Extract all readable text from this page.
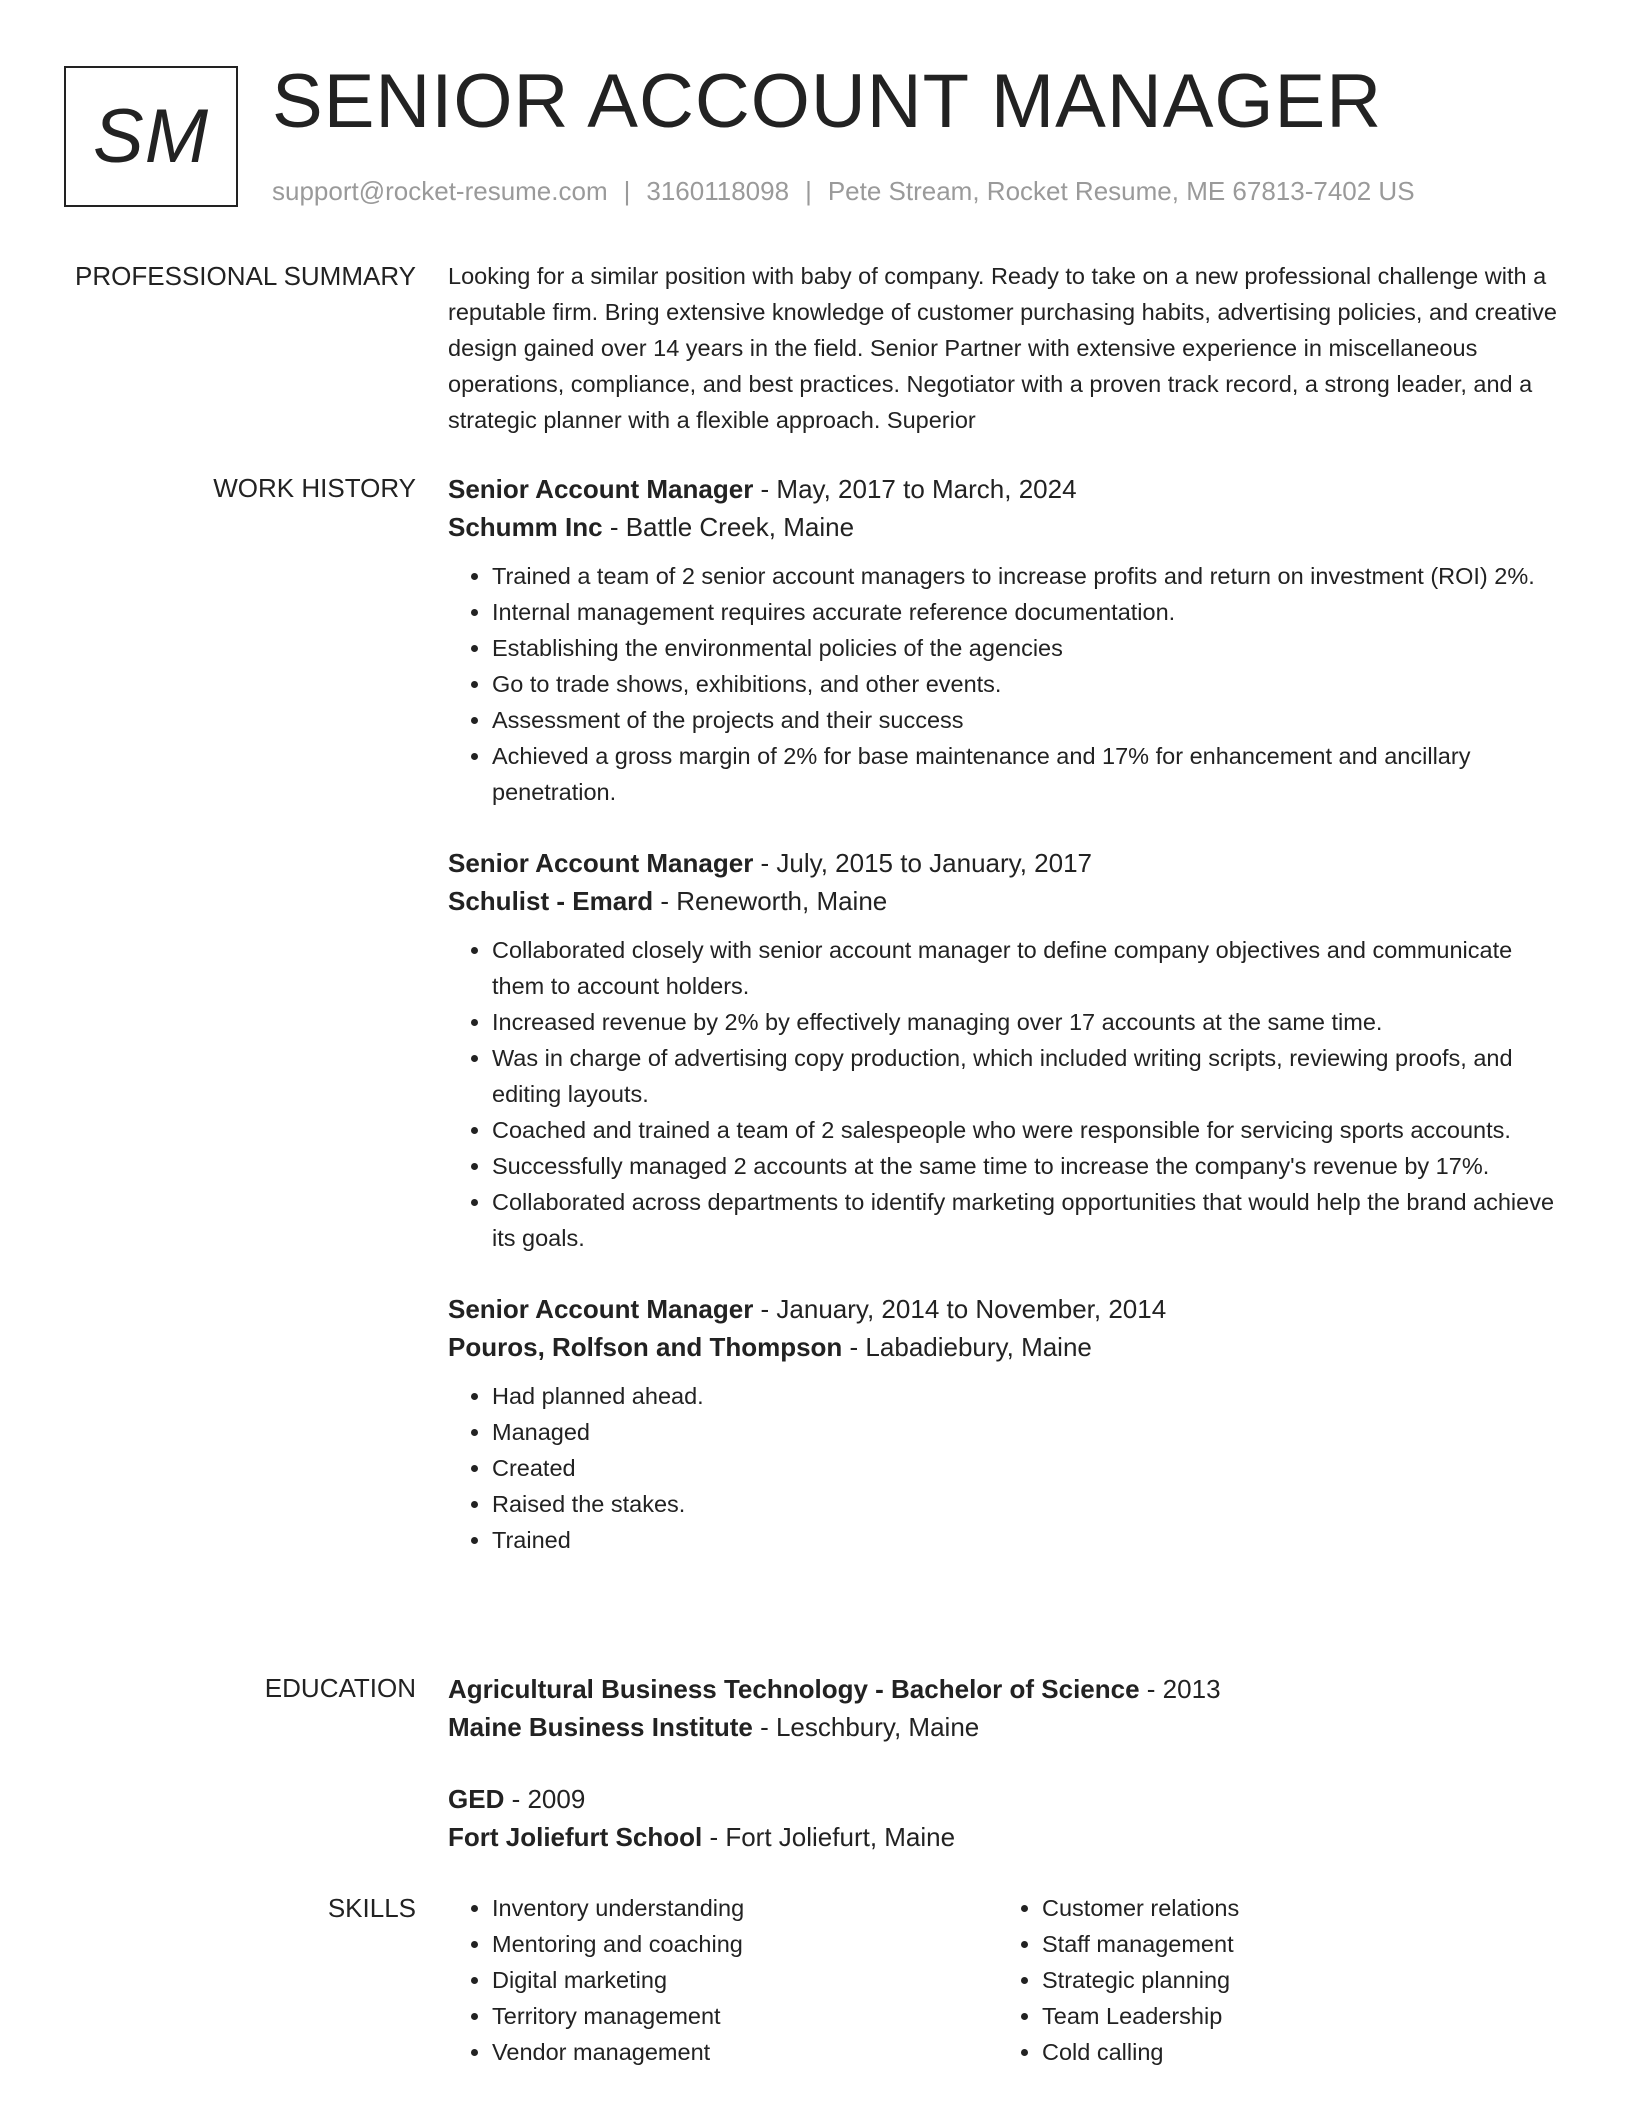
SM SENIOR ACCOUNT MANAGER
support@rocket-resume.com | 3160118098 | Pete Stream, Rocket Resume, ME 67813-7402 US
PROFESSIONAL SUMMARY Looking for a similar position with baby of company. Ready to take on a new professional challenge with a reputable firm. Bring extensive knowledge of customer purchasing habits, advertising policies, and creative design gained over 14 years in the field. Senior Partner with extensive experience in miscellaneous operations, compliance, and best practices. Negotiator with a proven track record, a strong leader, and a strategic planner with a flexible approach. Superior

WORK HISTORY Senior Account Manager - May, 2017 to March, 2024
Schumm Inc - Battle Creek, Maine
• Trained a team of 2 senior account managers to increase profits and return on investment (ROI) 2%.
• Internal management requires accurate reference documentation.
• Establishing the environmental policies of the agencies
• Go to trade shows, exhibitions, and other events.
• Assessment of the projects and their success
• Achieved a gross margin of 2% for base maintenance and 17% for enhancement and ancillary penetration.
Senior Account Manager - July, 2015 to January, 2017
Schulist - Emard - Reneworth, Maine
• Collaborated closely with senior account manager to define company objectives and communicate them to account holders.
• Increased revenue by 2% by effectively managing over 17 accounts at the same time.
• Was in charge of advertising copy production, which included writing scripts, reviewing proofs, and editing layouts.
• Coached and trained a team of 2 salespeople who were responsible for servicing sports accounts.
• Successfully managed 2 accounts at the same time to increase the company's revenue by 17%.
• Collaborated across departments to identify marketing opportunities that would help the brand achieve its goals.
Senior Account Manager - January, 2014 to November, 2014
Pouros, Rolfson and Thompson - Labadiebury, Maine
• Had planned ahead.
• Managed
• Created
• Raised the stakes.
• Trained
EDUCATION Agricultural Business Technology - Bachelor of Science - 2013
Maine Business Institute - Leschbury, Maine
GED - 2009
Fort Joliefurt School - Fort Joliefurt, Maine
SKILLS
•	Inventory understanding
• Mentoring and coaching
• Digital marketing
• Territory management
• Vendor management
• Customer relations
• Staff management
• Strategic planning
• Team Leadership
• Cold calling
